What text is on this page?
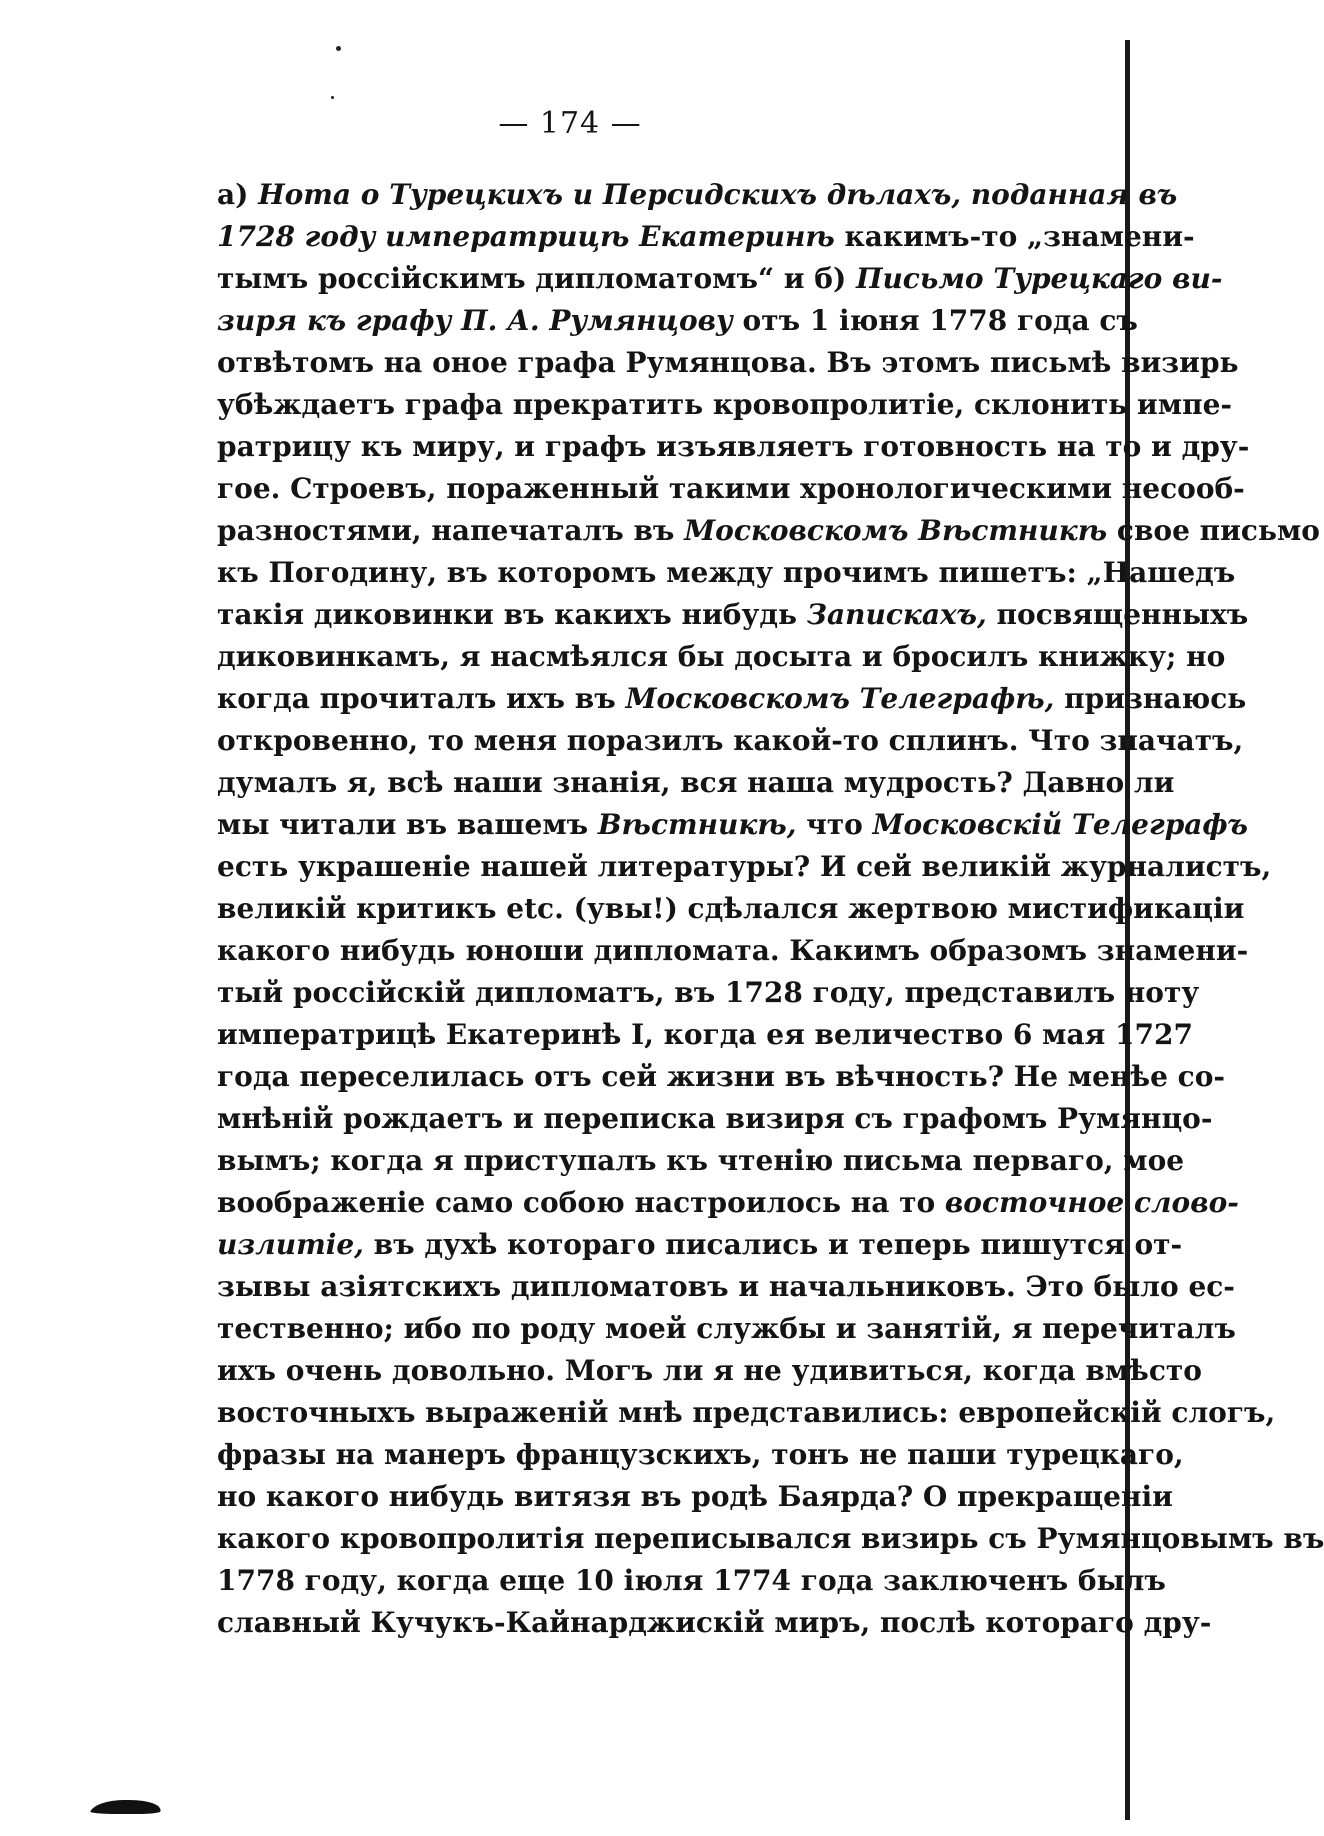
— 174 —
а) Нота о Турецкихъ и Персидскихъ дѣлахъ, поданная въ
1728 году императрицѣ Екатеринѣ какимъ-то „знамени-
тымъ россійскимъ дипломатомъ“ и б) Письмо Турецкаго ви-
зиря къ графу П. А. Румянцову отъ 1 іюня 1778 года съ
отвѣтомъ на оное графа Румянцова. Въ этомъ письмѣ визирь
убѣждаетъ графа прекратить кровопролитіе, склонить импе-
ратрицу къ миру, и графъ изъявляетъ готовность на то и дру-
гое. Строевъ, пораженный такими хронологическими несооб-
разностями, напечаталъ въ Московскомъ Вѣстникѣ свое письмо
къ Погодину, въ которомъ между прочимъ пишетъ: „Нашедъ
такія диковинки въ какихъ нибудь Запискахъ, посвященныхъ
диковинкамъ, я насмѣялся бы досыта и бросилъ книжку; но
когда прочиталъ ихъ въ Московскомъ Телеграфѣ, признаюсь
откровенно, то меня поразилъ какой-то сплинъ. Что значатъ,
думалъ я, всѣ наши знанія, вся наша мудрость? Давно ли
мы читали въ вашемъ Вѣстникѣ, что Московскій Телеграфъ
есть украшеніе нашей литературы? И сей великій журналистъ,
великій критикъ etc. (увы!) сдѣлался жертвою мистификаціи
какого нибудь юноши дипломата. Какимъ образомъ знамени-
тый россійскій дипломатъ, въ 1728 году, представилъ ноту
императрицѣ Екатеринѣ I, когда ея величество 6 мая 1727
года переселилась отъ сей жизни въ вѣчность? Не менѣе со-
мнѣній рождаетъ и переписка визиря съ графомъ Румянцо-
вымъ; когда я приступалъ къ чтенію письма перваго, мое
воображеніе само собою настроилось на то восточное слово-
излитіе, въ духѣ котораго писались и теперь пишутся от-
зывы азіятскихъ дипломатовъ и начальниковъ. Это было ес-
тественно; ибо по роду моей службы и занятій, я перечиталъ
ихъ очень довольно. Могъ ли я не удивиться, когда вмѣсто
восточныхъ выраженій мнѣ представились: европейскій слогъ,
фразы на манеръ французскихъ, тонъ не паши турецкаго,
но какого нибудь витязя въ родѣ Баярда? О прекращеніи
какого кровопролитія переписывался визирь съ Румянцовымъ въ
1778 году, когда еще 10 іюля 1774 года заключенъ былъ
славный Кучукъ-Кайнарджискій миръ, послѣ котораго дру-
